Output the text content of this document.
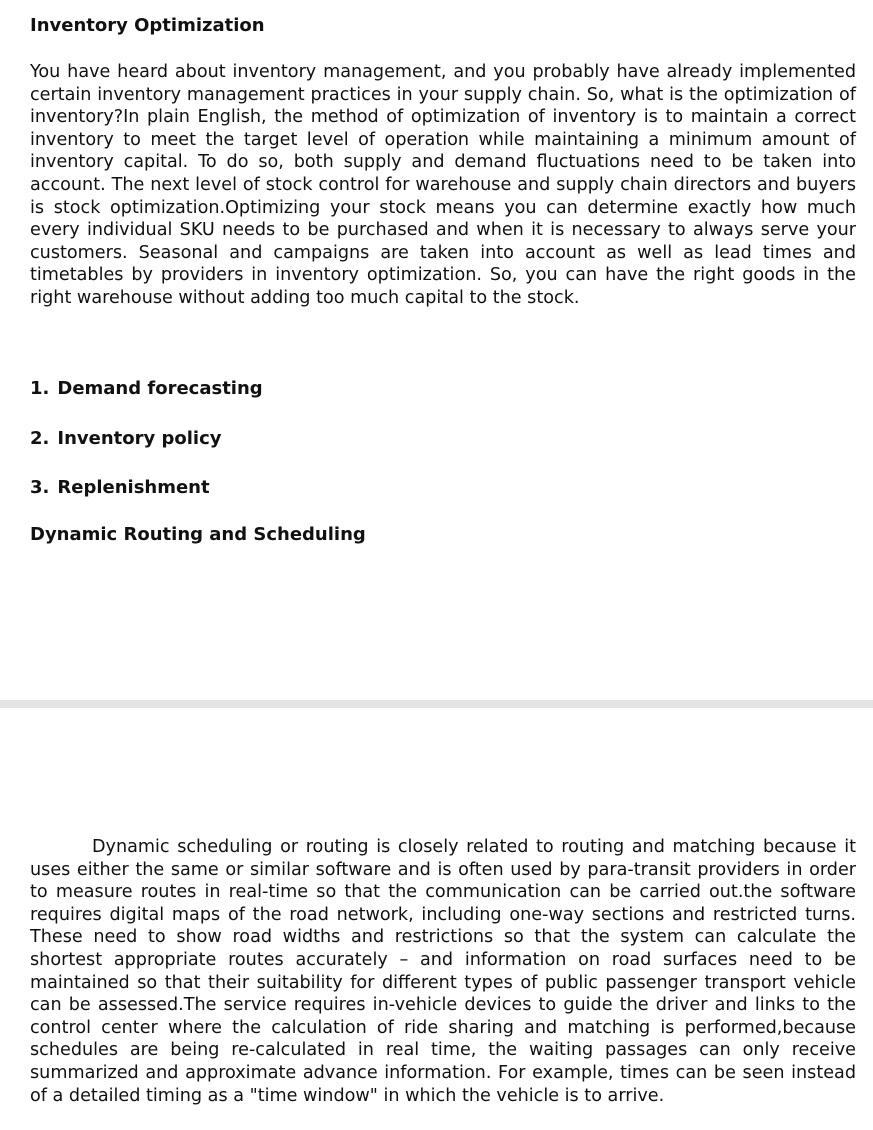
Inventory Optimization

You have heard about inventory management, and you probably have already implemented certain inventory management practices in your supply chain. So, what is the optimization of inventory?In plain English, the method of optimization of inventory is to maintain a correct inventory to meet the target level of operation while maintaining a minimum amount of inventory capital. To do so, both supply and demand fluctuations need to be taken into account. The next level of stock control for warehouse and supply chain directors and buyers is stock optimization.Optimizing your stock means you can determine exactly how much every individual SKU needs to be purchased and when it is necessary to always serve your customers. Seasonal and campaigns are taken into account as well as lead times and timetables by providers in inventory optimization. So, you can have the right goods in the right warehouse without adding too much capital to the stock.

1. Demand forecasting
2. Inventory policy
3. Replenishment
Dynamic Routing and Scheduling

Dynamic scheduling or routing is closely related to routing and matching because it uses either the same or similar software and is often used by para-transit providers in order to measure routes in real-time so that the communication can be carried out.the software requires digital maps of the road network, including one-way sections and restricted turns. These need to show road widths and restrictions so that the system can calculate the shortest appropriate routes accurately – and information on road surfaces need to be maintained so that their suitability for different types of public passenger transport vehicle can be assessed.The service requires in-vehicle devices to guide the driver and links to the control center where the calculation of ride sharing and matching is performed,because schedules are being re-calculated in real time, the waiting passages can only receive summarized and approximate advance information. For example, times can be seen instead of a detailed timing as a "time window" in which the vehicle is to arrive.
